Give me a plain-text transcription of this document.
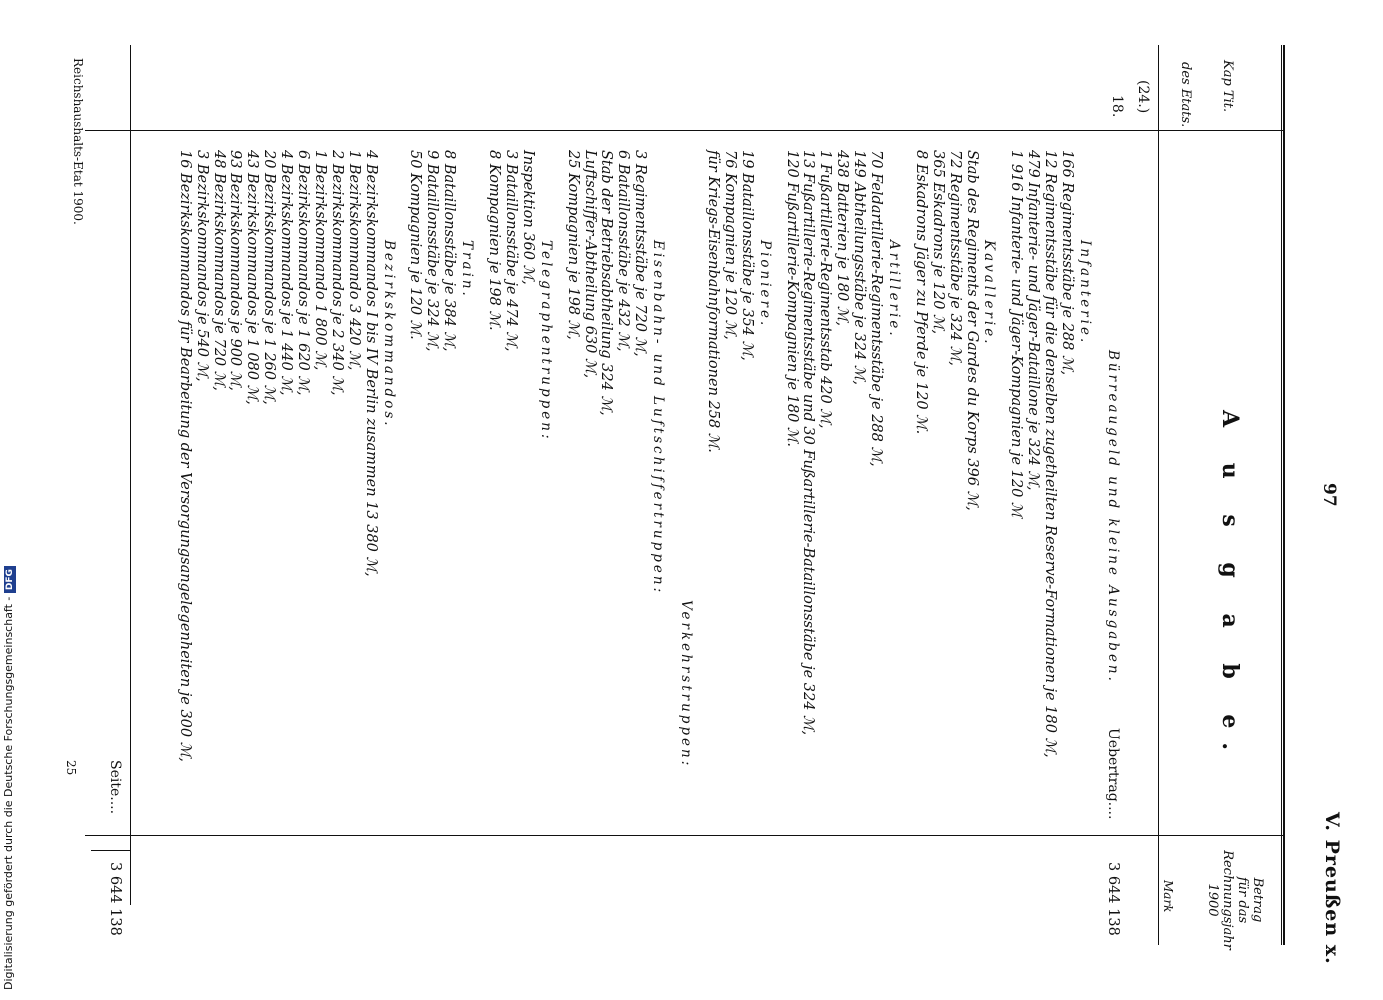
97
V. Preußen x.
Kap Tit.
des Etats.
A u s g a b e.
Betrag
für das
Rechnungsjahr
1900
Mark
(24.)
18.
Bürreaugeld und kleine Ausgaben.
Infanterie.
166 Regimentsstäbe je 288 ℳ,
12 Regimentsstäbe für die denselben zugetheilten Reserve-Formationen je 180 ℳ,
479 Infanterie- und Jäger-Bataillone je 324 ℳ,
1 916 Infanterie- und Jäger-Kompagnien je 120 ℳ
Kavallerie.
Stab des Regiments der Gardes du Korps 396 ℳ,
72 Regimentsstäbe je 324 ℳ,
365 Eskadrons je 120 ℳ,
8 Eskadrons Jäger zu Pferde je 120 ℳ.
Artillerie.
70 Feldartillerie-Regimentsstäbe je 288 ℳ,
149 Abtheilungsstäbe je 324 ℳ,
438 Batterien je 180 ℳ,
1 Fußartillerie-Regimentsstab 420 ℳ,
13 Fußartillerie-Regimentsstäbe und 30 Fußartillerie-Bataillonsstäbe je 324 ℳ,
120 Fußartillerie-Kompagnien je 180 ℳ.
Pioniere.
19 Bataillonsstäbe je 354 ℳ,
76 Kompagnien je 120 ℳ,
für Kriegs-Eisenbahnformationen 258 ℳ.
Verkehrstruppen:
Eisenbahn- und Luftschiffertruppen:
3 Regimentsstäbe je 720 ℳ,
6 Bataillonsstäbe je 432 ℳ,
Stab der Betriebsabtheilung 324 ℳ,
Luftschiffer-Abtheilung 630 ℳ,
25 Kompagnien je 198 ℳ,
Telegraphentruppen:
Inspektion 360 ℳ,
3 Bataillonsstäbe je 474 ℳ,
8 Kompagnien je 198 ℳ.
Train.
8 Bataillonsstäbe je 384 ℳ,
9 Bataillonsstäbe je 324 ℳ,
50 Kompagnien je 120 ℳ.
Bezirkskommandos.
4 Bezirkskommandos I bis IV Berlin zusammen 13 380 ℳ,
1 Bezirkskommando 3 420 ℳ,
2 Bezirkskommandos je 2 340 ℳ,
1 Bezirkskommando 1 800 ℳ,
6 Bezirkskommandos je 1 620 ℳ,
4 Bezirkskommandos je 1 440 ℳ,
20 Bezirkskommandos je 1 260 ℳ,
43 Bezirkskommandos je 1 080 ℳ,
93 Bezirkskommandos je 900 ℳ,
48 Bezirkskommandos je 720 ℳ,
3 Bezirkskommandos je 540 ℳ,
16 Bezirkskommandos für Bearbeitung der Versorgungsangelegenheiten je 300 ℳ,
Uebertrag....
3 644 138
Seite....
3 644 138
Reichshaushalts-Etat 1900.
25
Digitalisierung gefördert durch die Deutsche Forschungsgemeinschaft - DFG
